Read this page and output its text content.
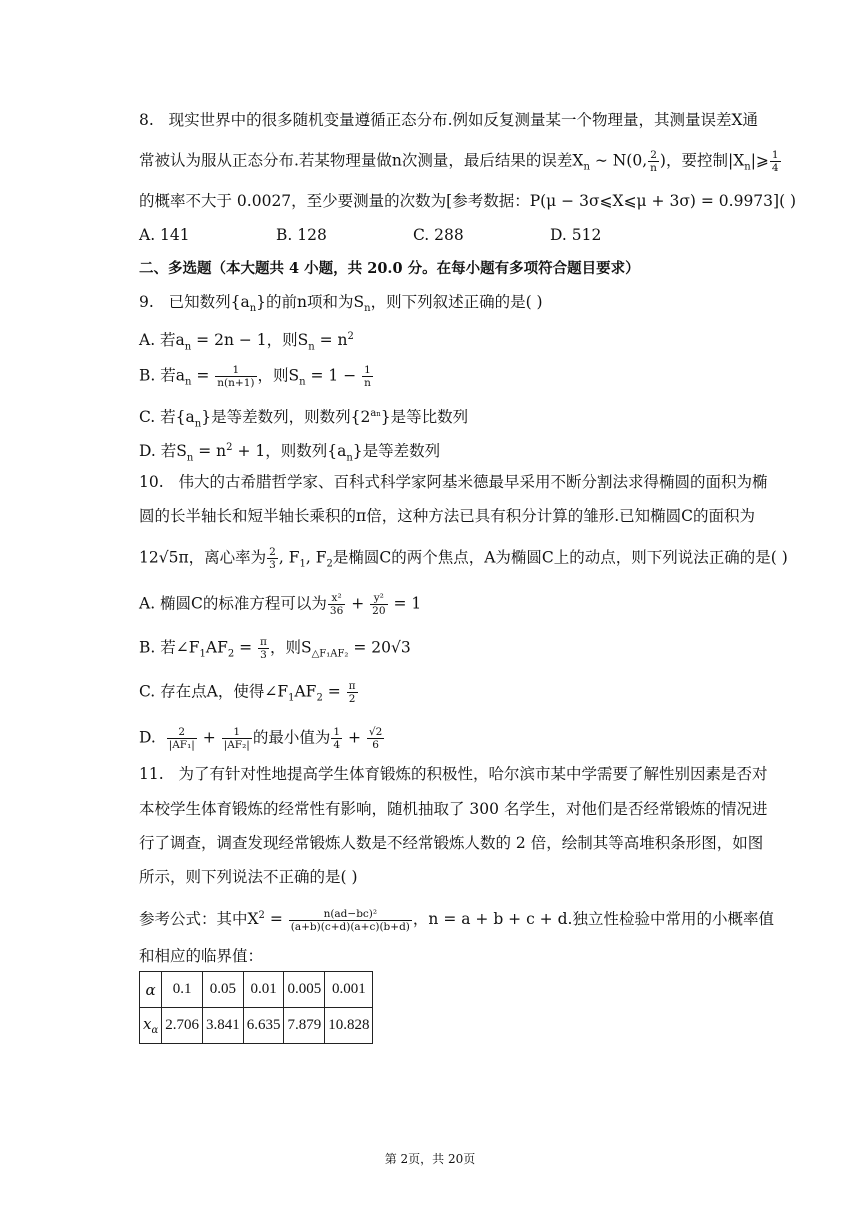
8. 现实世界中的很多随机变量遵循正态分布.例如反复测量某一个物理量，其测量误差X通
常被认为服从正态分布.若某物理量做n次测量，最后结果的误差$X_n$ ∼ N(0, $\frac{2}{n}$ )，要控制$|X_n|⩾ \frac{1}{4}$
的概率不大于 0.0027，至少要测量的次数为[参考数据：P(μ − 3σ⩽X⩽μ + 3σ) = 0.9973]( )
A. 141	B. 128	C. 288	D. 512
二、多选题（本大题共 4 小题，共 20.0 分。在每小题有多项符合题目要求）
9. 已知数列$\{a_n\}$的前n项和为$S_n$，则下列叙述正确的是( )
A. 若$a_n = 2n - 1$，则$S_n = n^2$
B. 若$a_n = \frac{1}{n(n+1)}$ ，则$S_n = 1 - \frac{1}{n}$
C. 若$\{a_n\}$是等差数列，则数列$\{2^{an}\}$是等比数列
D. 若$S_n = n^2 + 1$，则数列$\{a_n\}$是等差数列
10. 伟大的古希腊哲学家、百科式科学家阿基米德最早采用不断分割法求得椭圆的面积为椭
圆的长半轴长和短半轴长乘积的π倍，这种方法已具有积分计算的雏形.已知椭圆C的面积为
12√5π，离心率为 $\frac{2}{3}$ , $F_1$, $F_2$是椭圆C的两个焦点，A为椭圆C上的动点，则下列说法正确的是( )
A. 椭圆C的标准方程可以为 $\frac{\text{x²}}{36} + \frac{\text{y²}}{20} = 1$
B. 若$\angle F_1AF_2 = \frac{\pi}{3}$ ，则$S_{\triangle F_1AF_2} = 20√3$
C. 存在点A，使得$\angle F_1AF_2 = \frac{\pi}{2}$
D. $\frac{2}{\text{|AF₁|}} + \frac{1}{\text{|AF₂|}}$ 的最小值为 $\frac{1}{4} + \frac{√2}{6}$
11. 为了有针对性地提高学生体育锻炼的积极性，哈尔滨市某中学需要了解性别因素是否对
本校学生体育锻炼的经常性有影响，随机抽取了 300 名学生，对他们是否经常锻炼的情况进
行了调查，调查发现经常锻炼人数是不经常锻炼人数的 2 倍，绘制其等高堆积条形图，如图
所示，则下列说法不正确的是( )
参考公式：其中$X^2 = \frac{\text{n(ad−bc)²}}{(a+b)(c+d)(a+c)(b+d)}$ ，n = a + b + c + d.独立性检验中常用的小概率值
和相应的临界值：
α	0.1	0.05	0.01	0.005	0.001
$x_\alpha$	2.706	3.841	6.635	7.879	10.828
第 2页，共 20页
